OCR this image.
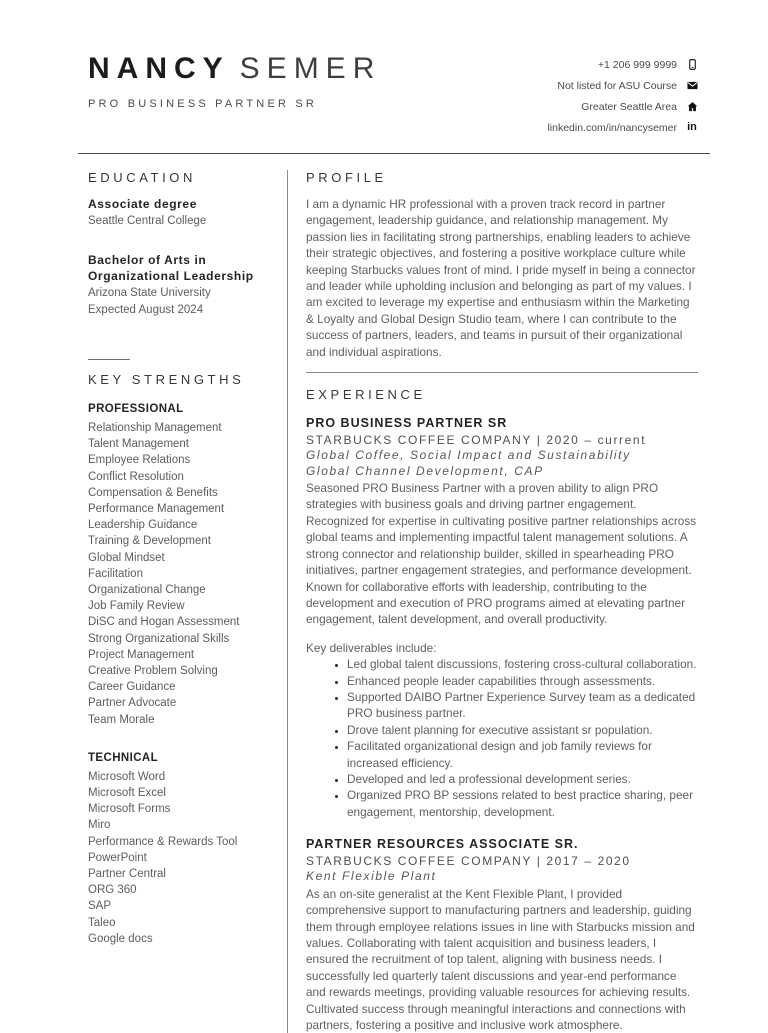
NANCY SEMER
PRO BUSINESS PARTNER SR
+1 206 999 9999
Not listed for ASU Course
Greater Seattle Area
linkedin.com/in/nancysemer in
EDUCATION
Associate degree
Seattle Central College
Bachelor of Arts in Organizational Leadership
Arizona State University
Expected August 2024
KEY STRENGTHS
PROFESSIONAL
Relationship Management
Talent Management
Employee Relations
Conflict Resolution
Compensation & Benefits
Performance Management
Leadership Guidance
Training & Development
Global Mindset
Facilitation
Organizational Change
Job Family Review
DiSC and Hogan Assessment
Strong Organizational Skills
Project Management
Creative Problem Solving
Career Guidance
Partner Advocate
Team Morale
TECHNICAL
Microsoft Word
Microsoft Excel
Microsoft Forms
Miro
Performance & Rewards Tool
PowerPoint
Partner Central
ORG 360
SAP
Taleo
Google docs
PROFILE

I am a dynamic HR professional with a proven track record in partner engagement, leadership guidance, and relationship management. My passion lies in facilitating strong partnerships, enabling leaders to achieve their strategic objectives, and fostering a positive workplace culture while keeping Starbucks values front of mind. I pride myself in being a connector and leader while upholding inclusion and belonging as part of my values. I am excited to leverage my expertise and enthusiasm within the Marketing & Loyalty and Global Design Studio team, where I can contribute to the success of partners, leaders, and teams in pursuit of their organizational and individual aspirations.

EXPERIENCE
PRO BUSINESS PARTNER SR
STARBUCKS COFFEE COMPANY | 2020 – current
Global Coffee, Social Impact and Sustainability
Global Channel Development, CAP

Seasoned PRO Business Partner with a proven ability to align PRO strategies with business goals and driving partner engagement. Recognized for expertise in cultivating positive partner relationships across global teams and implementing impactful talent management solutions. A strong connector and relationship builder, skilled in spearheading PRO initiatives, partner engagement strategies, and performance development. Known for collaborative efforts with leadership, contributing to the development and execution of PRO programs aimed at elevating partner engagement, talent development, and overall productivity.

Key deliverables include:
• Led global talent discussions, fostering cross-cultural collaboration.
• Enhanced people leader capabilities through assessments.
• Supported DAIBO Partner Experience Survey team as a dedicated PRO business partner.
• Drove talent planning for executive assistant sr population.
• Facilitated organizational design and job family reviews for increased efficiency.
• Developed and led a professional development series.
• Organized PRO BP sessions related to best practice sharing, peer engagement, mentorship, development.
PARTNER RESOURCES ASSOCIATE SR.
STARBUCKS COFFEE COMPANY | 2017 – 2020
Kent Flexible Plant

As an on-site generalist at the Kent Flexible Plant, I provided comprehensive support to manufacturing partners and leadership, guiding them through employee relations issues in line with Starbucks mission and values. Collaborating with talent acquisition and business leaders, I ensured the recruitment of top talent, aligning with business needs. I successfully led quarterly talent discussions and year-end performance and rewards meetings, providing valuable resources for achieving results. Cultivated success through meaningful interactions and connections with partners, fostering a positive and inclusive work atmosphere.
